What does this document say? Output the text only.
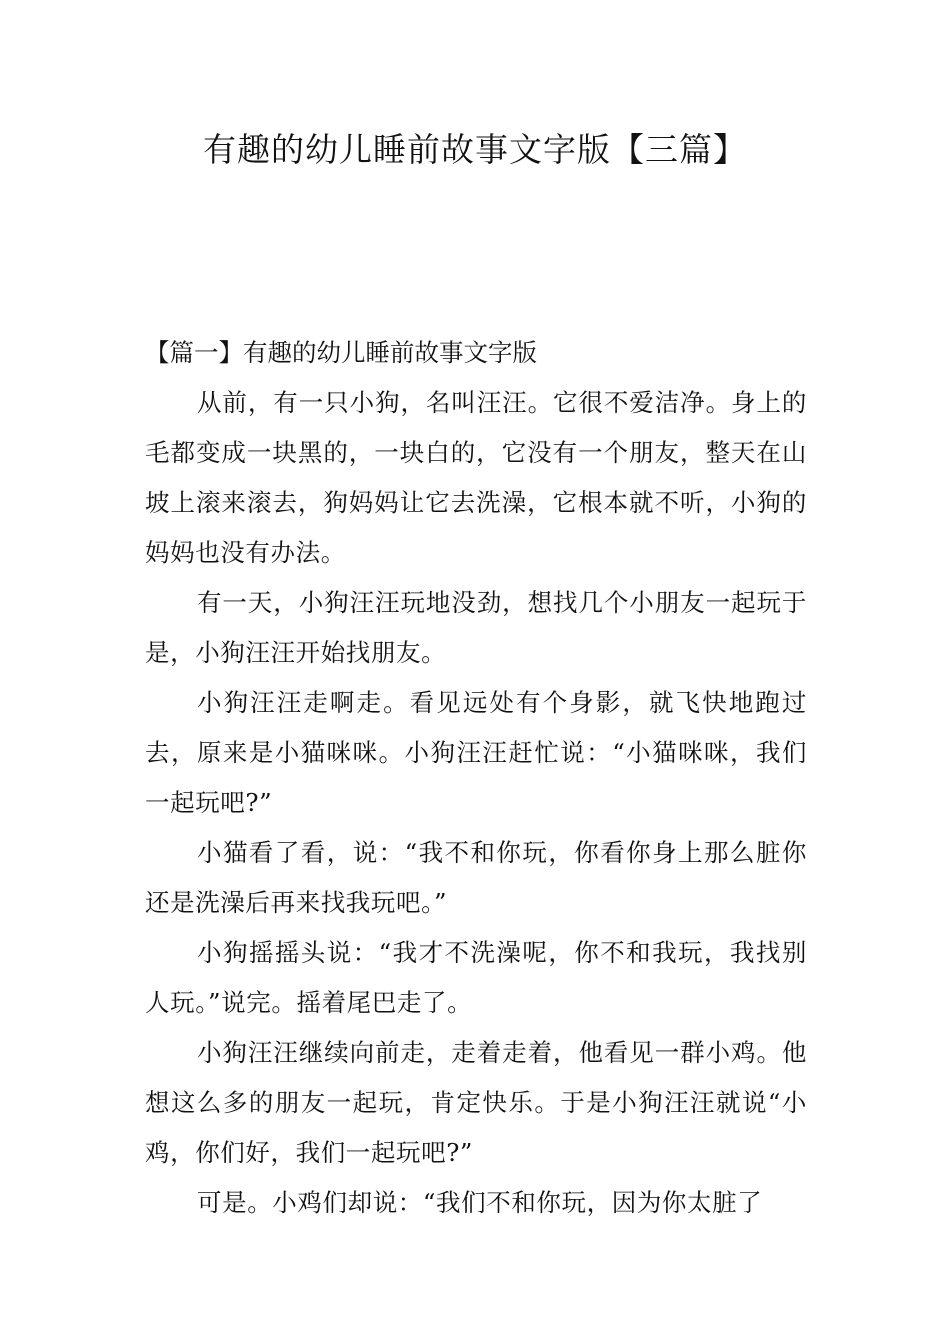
有趣的幼儿睡前故事文字版【三篇】
【篇一】有趣的幼儿睡前故事文字版

从前，有一只小狗，名叫汪汪。它很不爱洁净。身上的毛都变成一块黑的，一块白的，它没有一个朋友，整天在山坡上滚来滚去，狗妈妈让它去洗澡，它根本就不听，小狗的妈妈也没有办法。

有一天，小狗汪汪玩地没劲，想找几个小朋友一起玩于是，小狗汪汪开始找朋友。

小狗汪汪走啊走。看见远处有个身影，就飞快地跑过去，原来是小猫咪咪。小狗汪汪赶忙说：“小猫咪咪，我们一起玩吧?”

小猫看了看，说：“我不和你玩，你看你身上那么脏你还是洗澡后再来找我玩吧。”

小狗摇摇头说：“我才不洗澡呢，你不和我玩，我找别人玩。”说完。摇着尾巴走了。

小狗汪汪继续向前走，走着走着，他看见一群小鸡。他想这么多的朋友一起玩，肯定快乐。于是小狗汪汪就说“小鸡，你们好，我们一起玩吧?”

可是。小鸡们却说：“我们不和你玩，因为你太脏了
